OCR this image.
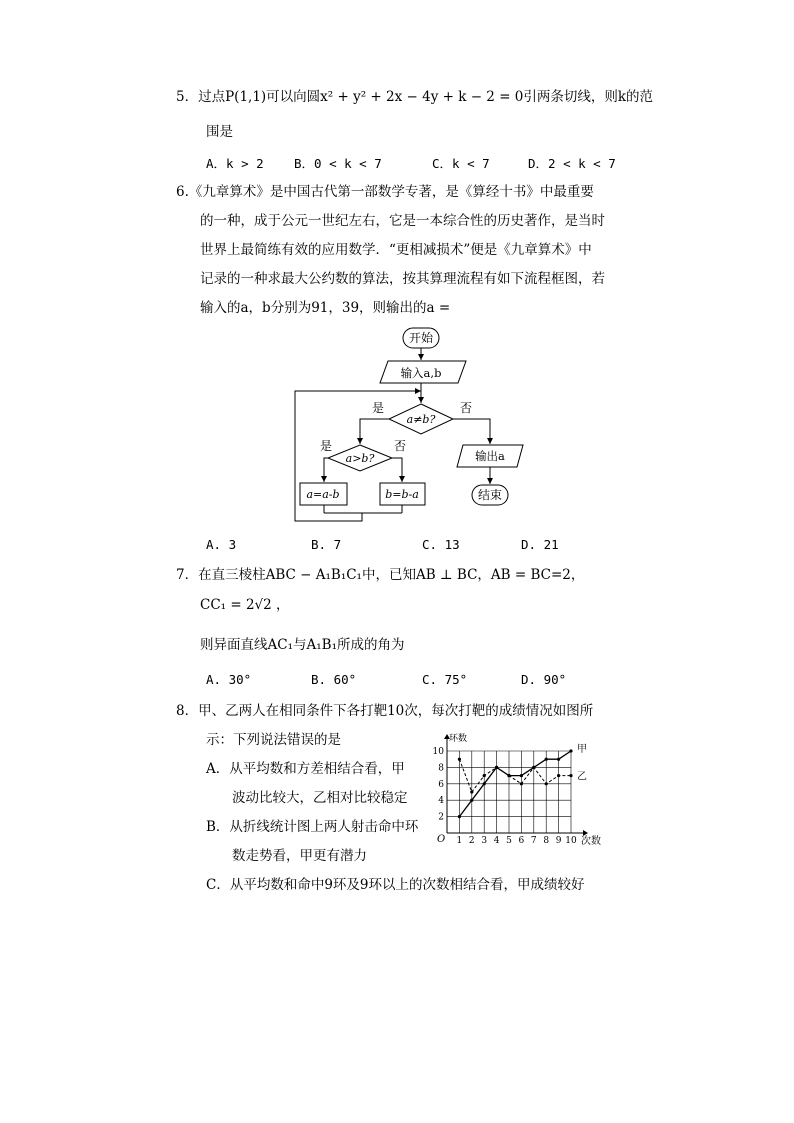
5．过点P(1,1)可以向圆x² + y² + 2x − 4y + k − 2 = 0引两条切线，则k的范
围是
A．k > 2 B．0 < k < 7	C．k < 7	D．2 < k < 7
6.《九章算术》是中国古代第一部数学专著，是《算经十书》中最重要
的一种，成于公元一世纪左右，它是一本综合性的历史著作，是当时
世界上最简练有效的应用数学．“更相减损术”便是《九章算术》中
记录的一种求最大公约数的算法，按其算理流程有如下流程框图，若
输入的a，b分别为91，39，则输出的a =
开始
输入a,b
a≠b?
是	否
a>b?
是	否
a=a-b	b=b-a
输出a
结束
A. 3	B. 7	C. 13	D. 21
7．在直三棱柱ABC − A₁B₁C₁中，已知AB ⊥ BC，AB = BC=2，
CC₁ = 2√2 ，
则异面直线AC₁与A₁B₁所成的角为
A. 30°	B. 60°	C. 75°	D. 90°
8．甲、乙两人在相同条件下各打靶10次，每次打靶的成绩情况如图所
示：下列说法错误的是
A．从平均数和方差相结合看，甲
波动比较大，乙相对比较稳定
B．从折线统计图上两人射击命中环
数走势看，甲更有潜力
C．从平均数和命中9环及9环以上的次数相结合看，甲成绩较好
环数
次数
O 1 2 3 4 5 6 7 8 9 10
2
4
6
8
10	甲
乙
